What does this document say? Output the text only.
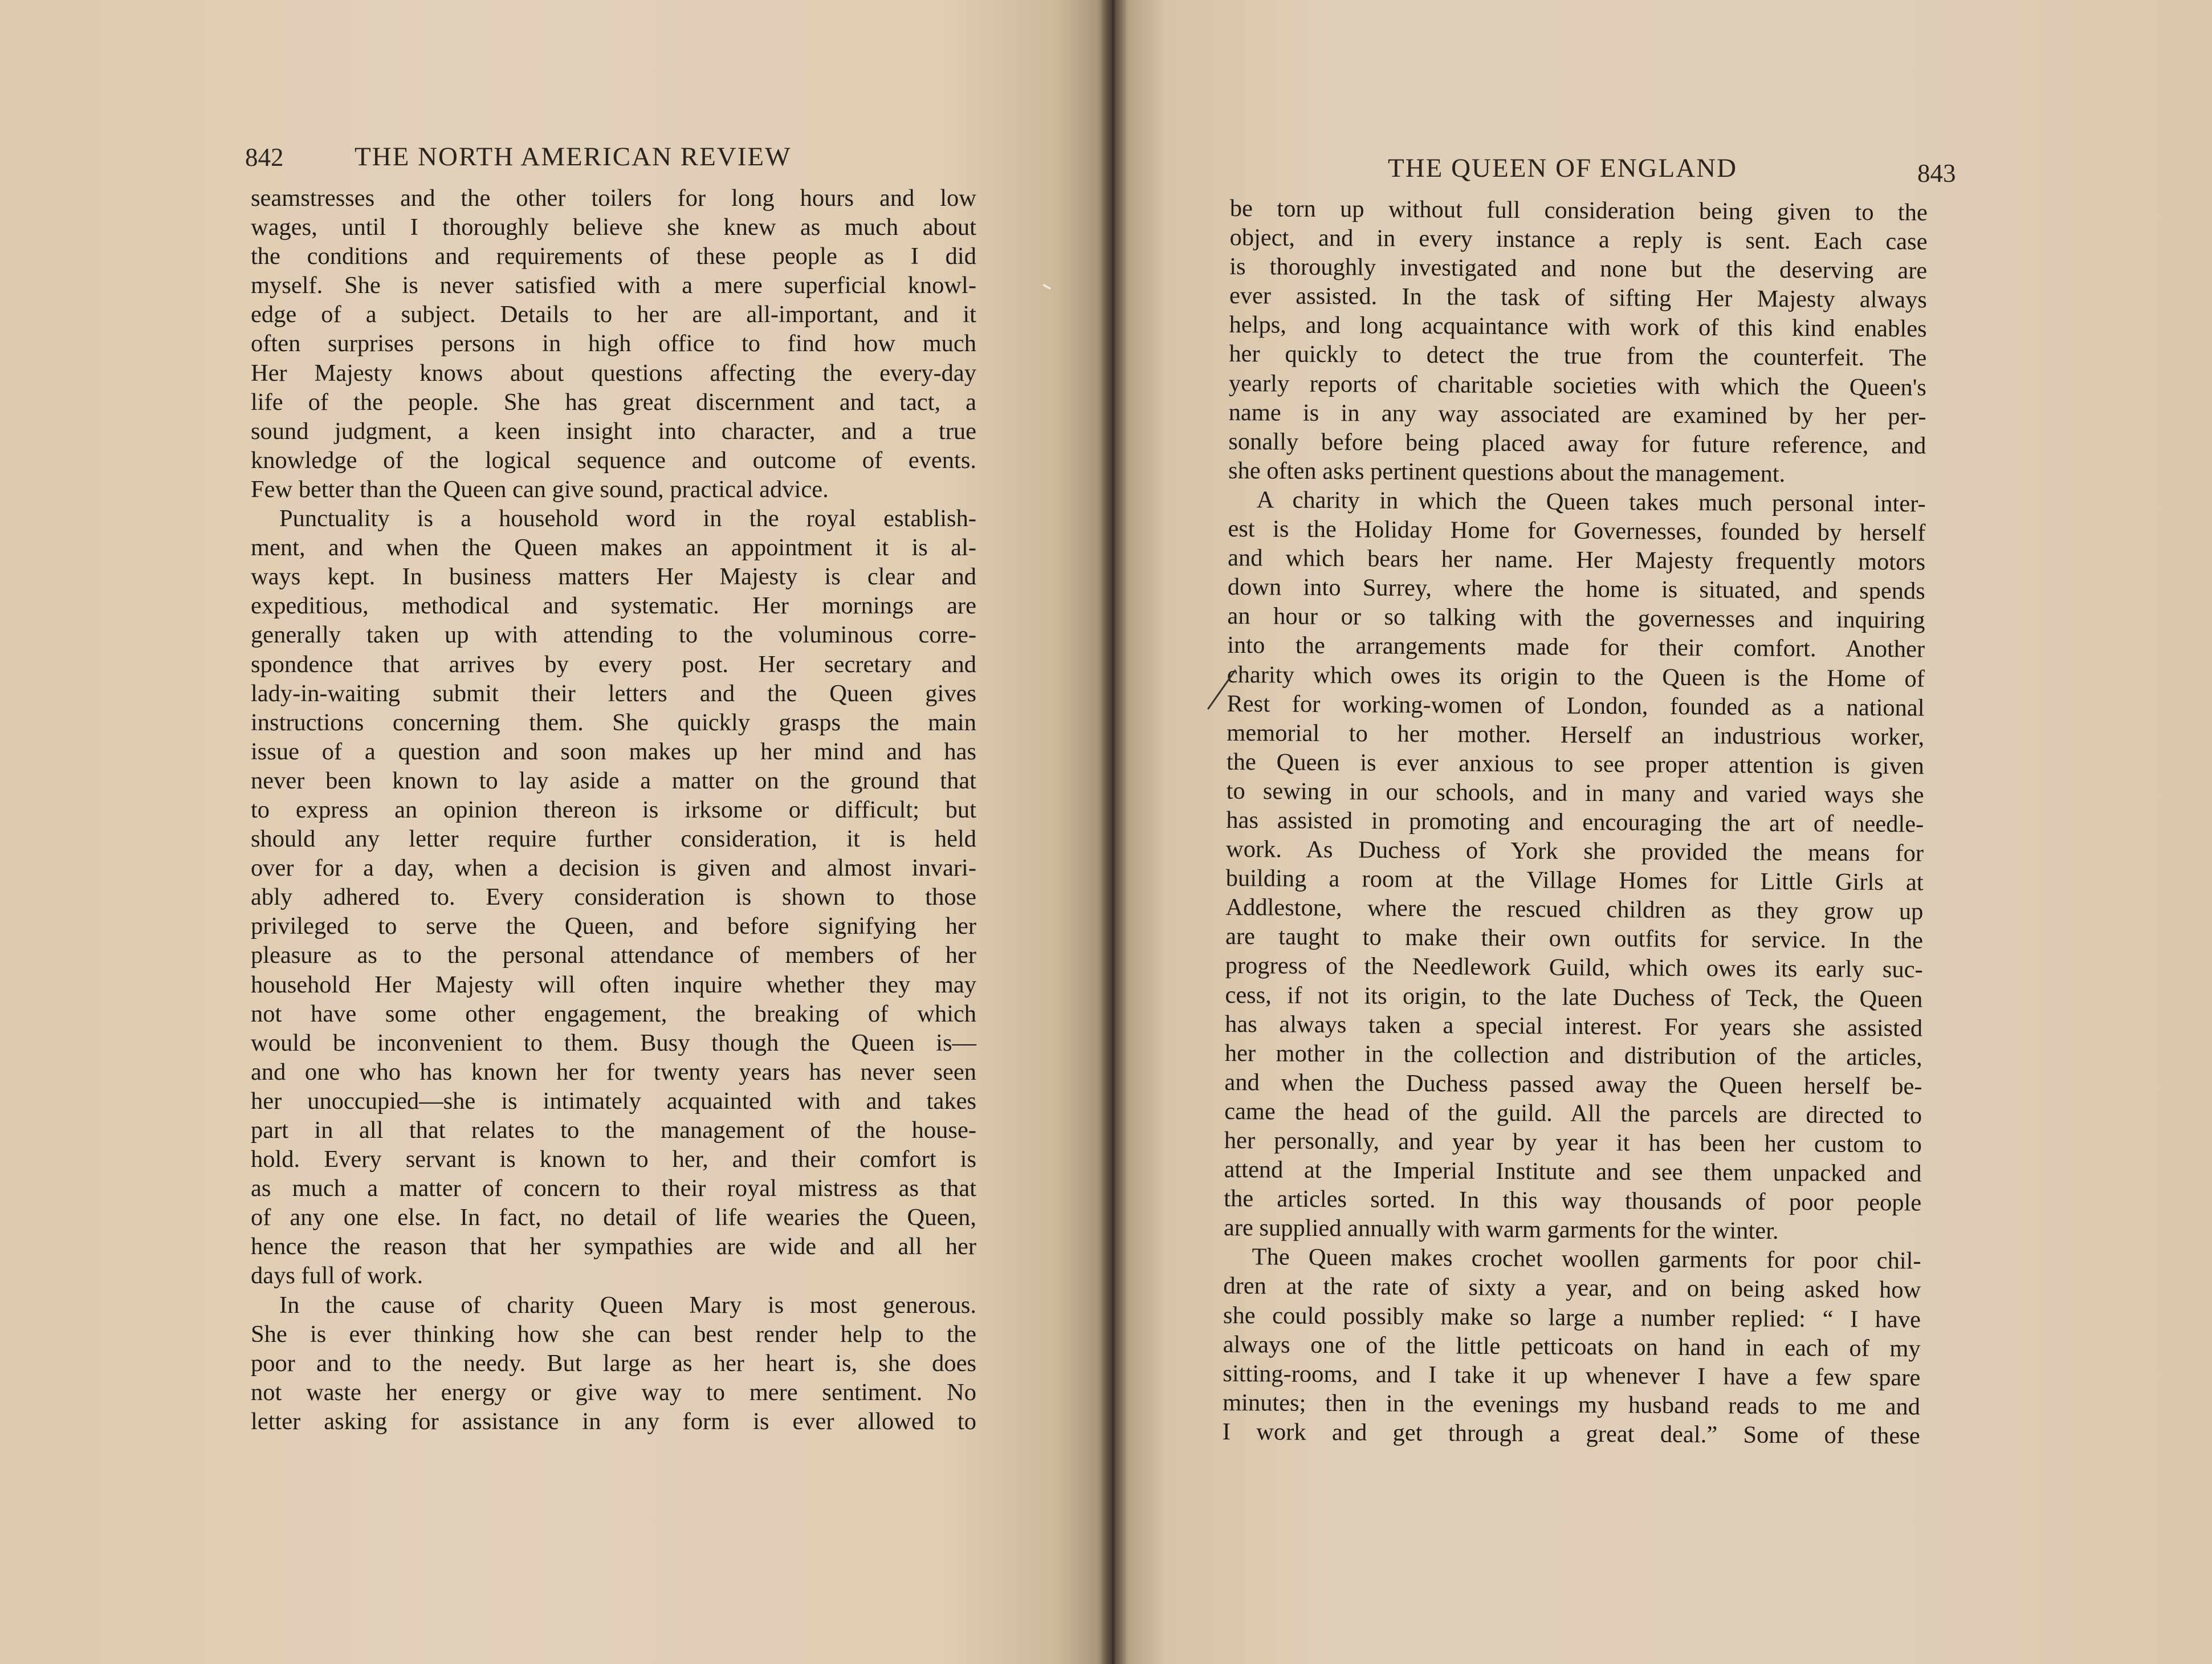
842	THE NORTH AMERICAN REVIEW
seamstresses and the other toilers for long hours and low
wages, until I thoroughly believe she knew as much about
the conditions and requirements of these people as I did
myself. She is never satisfied with a mere superficial knowl-
edge of a subject. Details to her are all-important, and it
often surprises persons in high office to find how much
Her Majesty knows about questions affecting the every-day
life of the people. She has great discernment and tact, a
sound judgment, a keen insight into character, and a true
knowledge of the logical sequence and outcome of events.
Few better than the Queen can give sound, practical advice.
Punctuality is a household word in the royal establish-
ment, and when the Queen makes an appointment it is al-
ways kept. In business matters Her Majesty is clear and
expeditious, methodical and systematic. Her mornings are
generally taken up with attending to the voluminous corre-
spondence that arrives by every post. Her secretary and
lady-in-waiting submit their letters and the Queen gives
instructions concerning them. She quickly grasps the main
issue of a question and soon makes up her mind and has
never been known to lay aside a matter on the ground that
to express an opinion thereon is irksome or difficult; but
should any letter require further consideration, it is held
over for a day, when a decision is given and almost invari-
ably adhered to. Every consideration is shown to those
privileged to serve the Queen, and before signifying her
pleasure as to the personal attendance of members of her
household Her Majesty will often inquire whether they may
not have some other engagement, the breaking of which
would be inconvenient to them. Busy though the Queen is—
and one who has known her for twenty years has never seen
her unoccupied—she is intimately acquainted with and takes
part in all that relates to the management of the house-
hold. Every servant is known to her, and their comfort is
as much a matter of concern to their royal mistress as that
of any one else. In fact, no detail of life wearies the Queen,
hence the reason that her sympathies are wide and all her
days full of work.
In the cause of charity Queen Mary is most generous.
She is ever thinking how she can best render help to the
poor and to the needy. But large as her heart is, she does
not waste her energy or give way to mere sentiment. No
letter asking for assistance in any form is ever allowed to
THE QUEEN OF ENGLAND	843
be torn up without full consideration being given to the
object, and in every instance a reply is sent. Each case
is thoroughly investigated and none but the deserving are
ever assisted. In the task of sifting Her Majesty always
helps, and long acquaintance with work of this kind enables
her quickly to detect the true from the counterfeit. The
yearly reports of charitable societies with which the Queen's
name is in any way associated are examined by her per-
sonally before being placed away for future reference, and
she often asks pertinent questions about the management.
A charity in which the Queen takes much personal inter-
est is the Holiday Home for Governesses, founded by herself
and which bears her name. Her Majesty frequently motors
down into Surrey, where the home is situated, and spends
an hour or so talking with the governesses and inquiring
into the arrangements made for their comfort. Another
charity which owes its origin to the Queen is the Home of
Rest for working-women of London, founded as a national
memorial to her mother. Herself an industrious worker,
the Queen is ever anxious to see proper attention is given
to sewing in our schools, and in many and varied ways she
has assisted in promoting and encouraging the art of needle-
work. As Duchess of York she provided the means for
building a room at the Village Homes for Little Girls at
Addlestone, where the rescued children as they grow up
are taught to make their own outfits for service. In the
progress of the Needlework Guild, which owes its early suc-
cess, if not its origin, to the late Duchess of Teck, the Queen
has always taken a special interest. For years she assisted
her mother in the collection and distribution of the articles,
and when the Duchess passed away the Queen herself be-
came the head of the guild. All the parcels are directed to
her personally, and year by year it has been her custom to
attend at the Imperial Institute and see them unpacked and
the articles sorted. In this way thousands of poor people
are supplied annually with warm garments for the winter.
The Queen makes crochet woollen garments for poor chil-
dren at the rate of sixty a year, and on being asked how
she could possibly make so large a number replied: “ I have
always one of the little petticoats on hand in each of my
sitting-rooms, and I take it up whenever I have a few spare
minutes; then in the evenings my husband reads to me and
I work and get through a great deal.” Some of these
